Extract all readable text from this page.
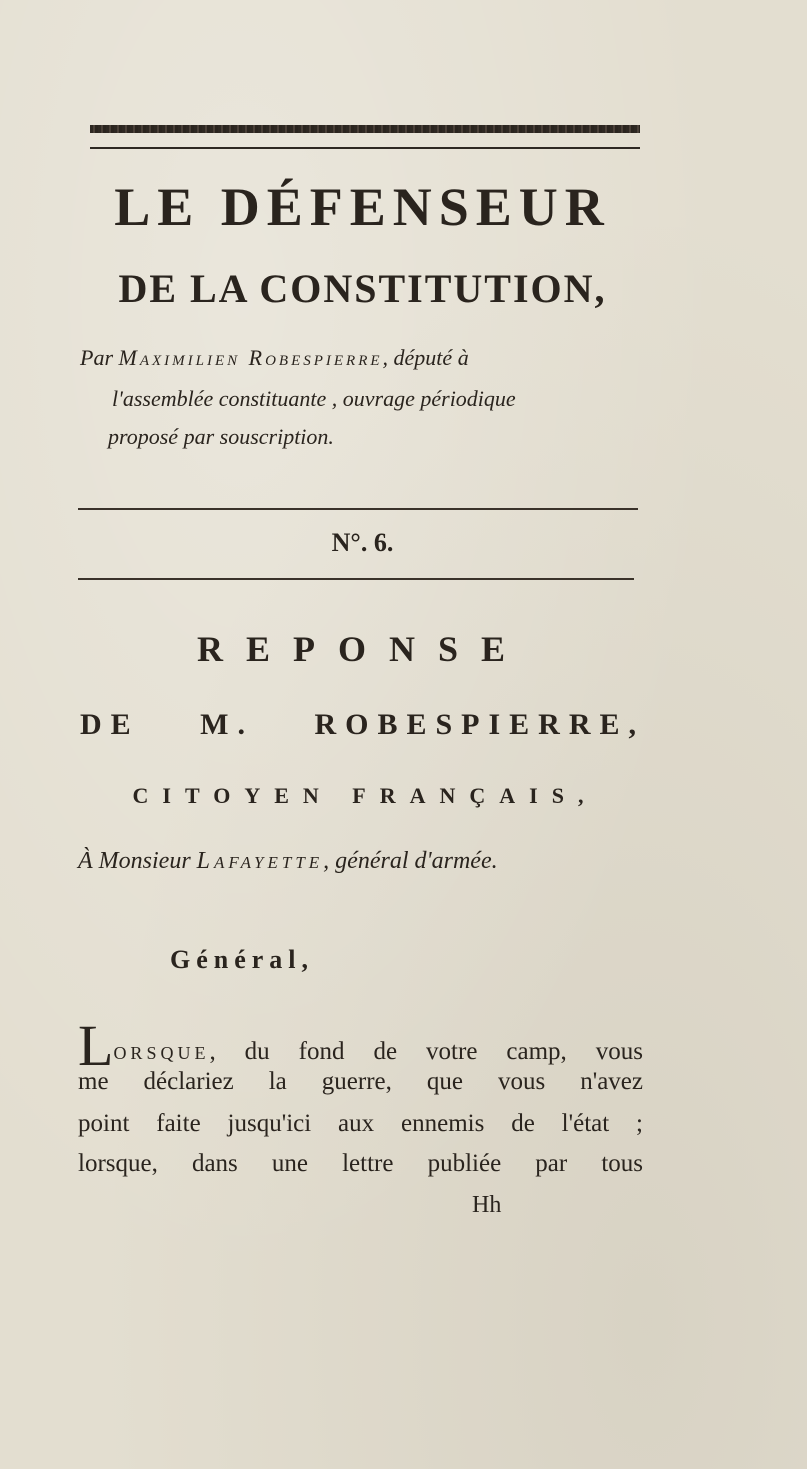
LE DÉFENSEUR
DE LA CONSTITUTION,
Par Maximilien Robespierre, député à
l'assemblée constituante , ouvrage périodique
proposé par souscription.
N°. 6.
REPONSE
DE M. ROBESPIERRE,
CITOYEN FRANÇAIS,
À Monsieur Lafayette, général d'armée.
Général,
Lorsque, du fond de votre camp, vous
me déclariez la guerre, que vous n'avez
point faite jusqu'ici aux ennemis de l'état ;
lorsque, dans une lettre publiée par tous
Hh
